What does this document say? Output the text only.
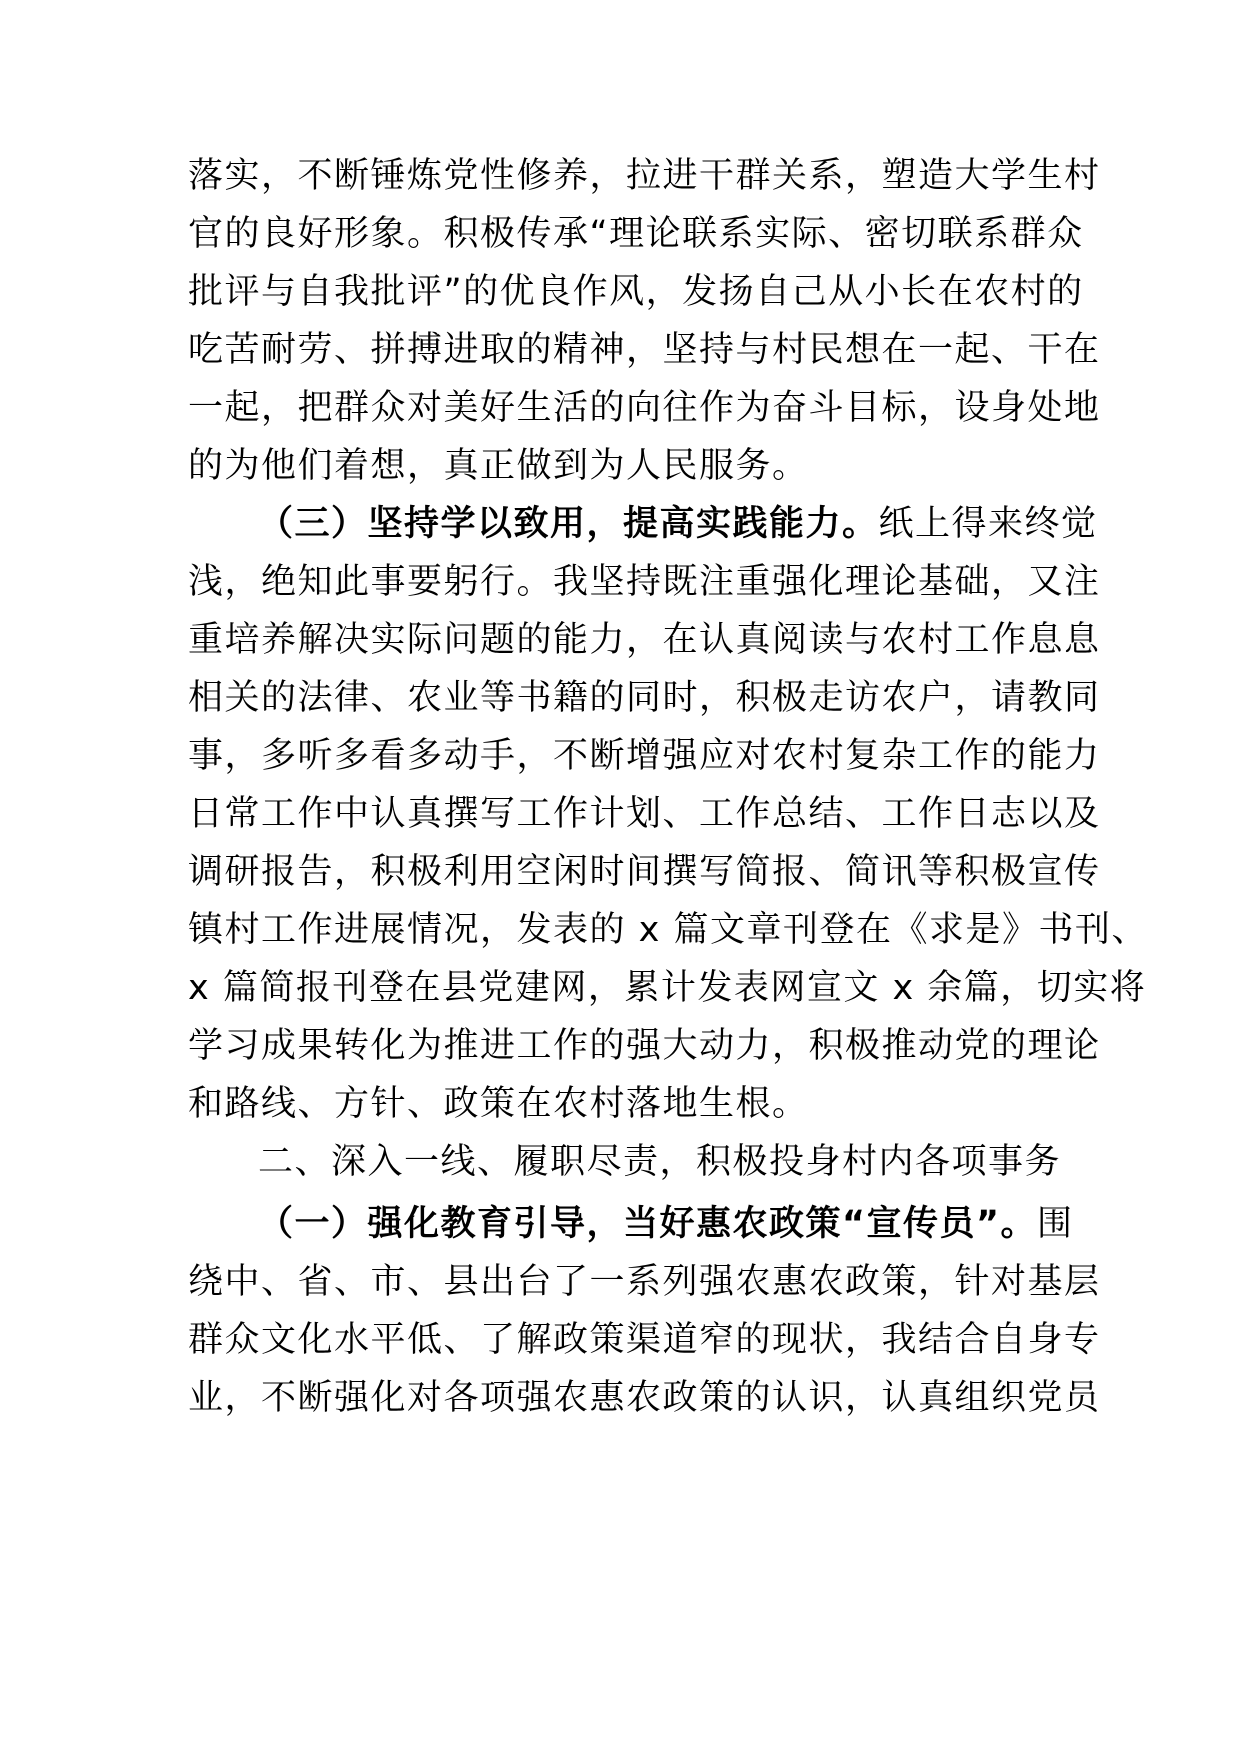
落实，不断锤炼党性修养，拉进干群关系，塑造大学生村
官的良好形象。积极传承“理论联系实际、密切联系群众
批评与自我批评”的优良作风，发扬自己从小长在农村的
吃苦耐劳、拼搏进取的精神，坚持与村民想在一起、干在
一起，把群众对美好生活的向往作为奋斗目标，设身处地
的为他们着想，真正做到为人民服务。
（三）坚持学以致用，提高实践能力。纸上得来终觉
浅，绝知此事要躬行。我坚持既注重强化理论基础，又注
重培养解决实际问题的能力，在认真阅读与农村工作息息
相关的法律、农业等书籍的同时，积极走访农户，请教同
事，多听多看多动手，不断增强应对农村复杂工作的能力
日常工作中认真撰写工作计划、工作总结、工作日志以及
调研报告，积极利用空闲时间撰写简报、简讯等积极宣传
镇村工作进展情况，发表的 x 篇文章刊登在《求是》书刊、
x 篇简报刊登在县党建网，累计发表网宣文 x 余篇，切实将
学习成果转化为推进工作的强大动力，积极推动党的理论
和路线、方针、政策在农村落地生根。
二、深入一线、履职尽责，积极投身村内各项事务
（一）强化教育引导，当好惠农政策“宣传员”。围
绕中、省、市、县出台了一系列强农惠农政策，针对基层
群众文化水平低、了解政策渠道窄的现状，我结合自身专
业，不断强化对各项强农惠农政策的认识，认真组织党员
